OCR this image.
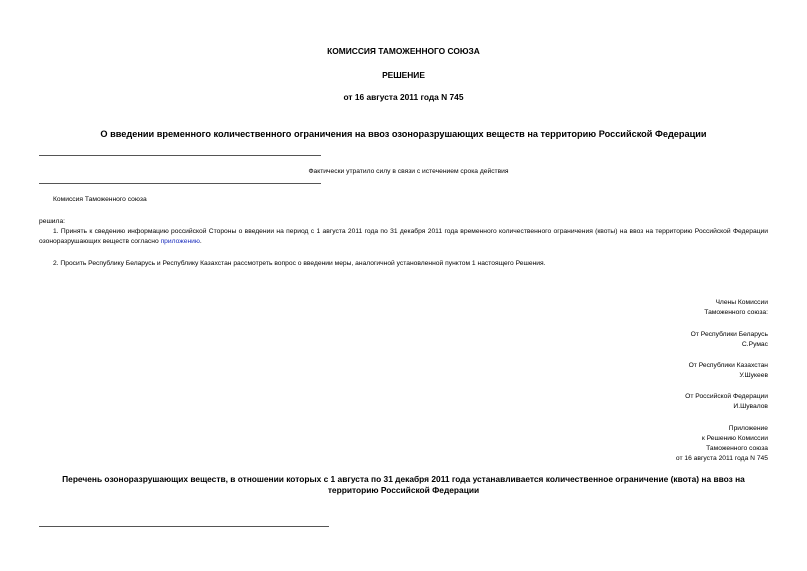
КОМИССИЯ ТАМОЖЕННОГО СОЮЗА
РЕШЕНИЕ
от 16 августа 2011 года N 745
О введении временного количественного ограничения на ввоз озоноразрушающих веществ на территорию Российской Федерации
Фактически утратило силу в связи с истечением срока действия
Комиссия Таможенного союза
решила:
1. Принять к сведению информацию российской Стороны о введении на период с 1 августа 2011 года по 31 декабря 2011 года временного количественного ограничения (квоты) на ввоз на территорию Российской Федерации озоноразрушающих веществ согласно приложению.
2. Просить Республику Беларусь и Республику Казахстан рассмотреть вопрос о введении меры, аналогичной установленной пунктом 1 настоящего Решения.
Члены Комиссии
Таможенного союза:
От Республики Беларусь
С.Румас
От Республики Казахстан
У.Шукеев
От Российской Федерации
И.Шувалов
Приложение
к Решению Комиссии
Таможенного союза
от 16 августа 2011 года N 745
Перечень озоноразрушающих веществ, в отношении которых с 1 августа по 31 декабря 2011 года устанавливается количественное ограничение (квота) на ввоз на
территорию Российской Федерации
